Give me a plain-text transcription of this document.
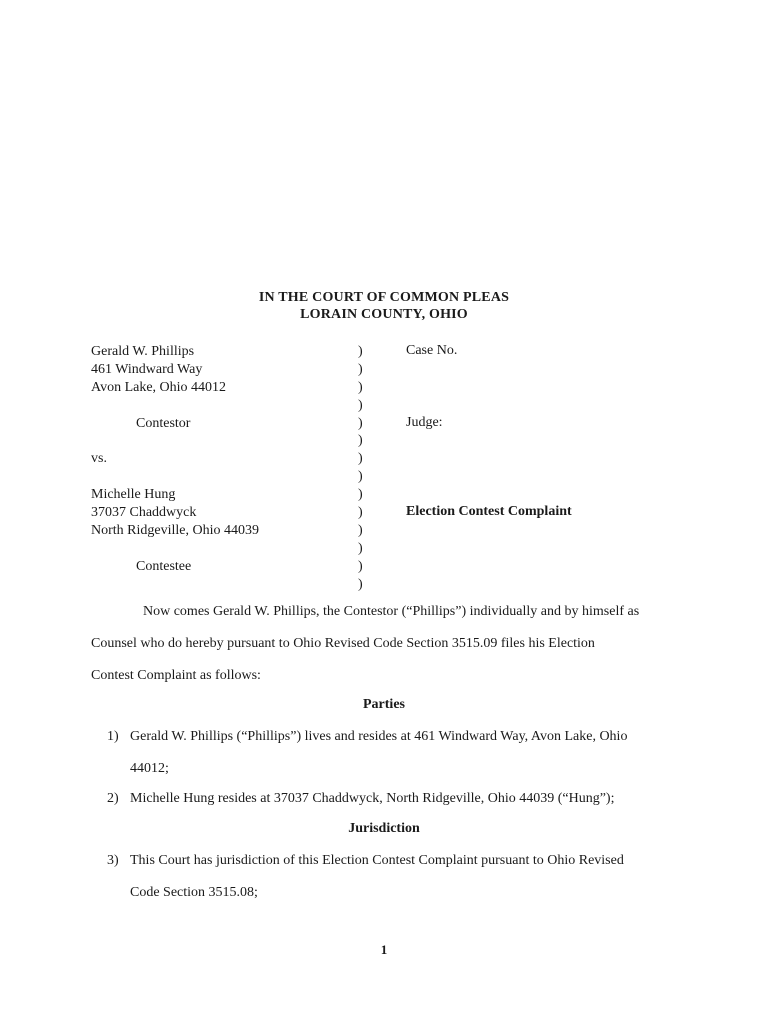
IN THE COURT OF COMMON PLEAS
LORAIN COUNTY, OHIO
Gerald W. Phillips
461 Windward Way
Avon Lake, Ohio 44012
Contestor
vs.
Michelle Hung
37037 Chaddwyck
North Ridgeville, Ohio 44039
Contestee
)
)
)
)
)
)
)
)
)
)
)
)
)
)
Case No.
Judge:
Election Contest Complaint
Now comes Gerald W. Phillips, the Contestor (“Phillips”) individually and by himself as
Counsel who do hereby pursuant to Ohio Revised Code Section 3515.09 files his Election
Contest Complaint as follows:
Parties
1) Gerald W. Phillips (“Phillips”) lives and resides at 461 Windward Way, Avon Lake, Ohio
44012;
2) Michelle Hung resides at 37037 Chaddwyck, North Ridgeville, Ohio 44039 (“Hung”);
Jurisdiction
3) This Court has jurisdiction of this Election Contest Complaint pursuant to Ohio Revised
Code Section 3515.08;
1
